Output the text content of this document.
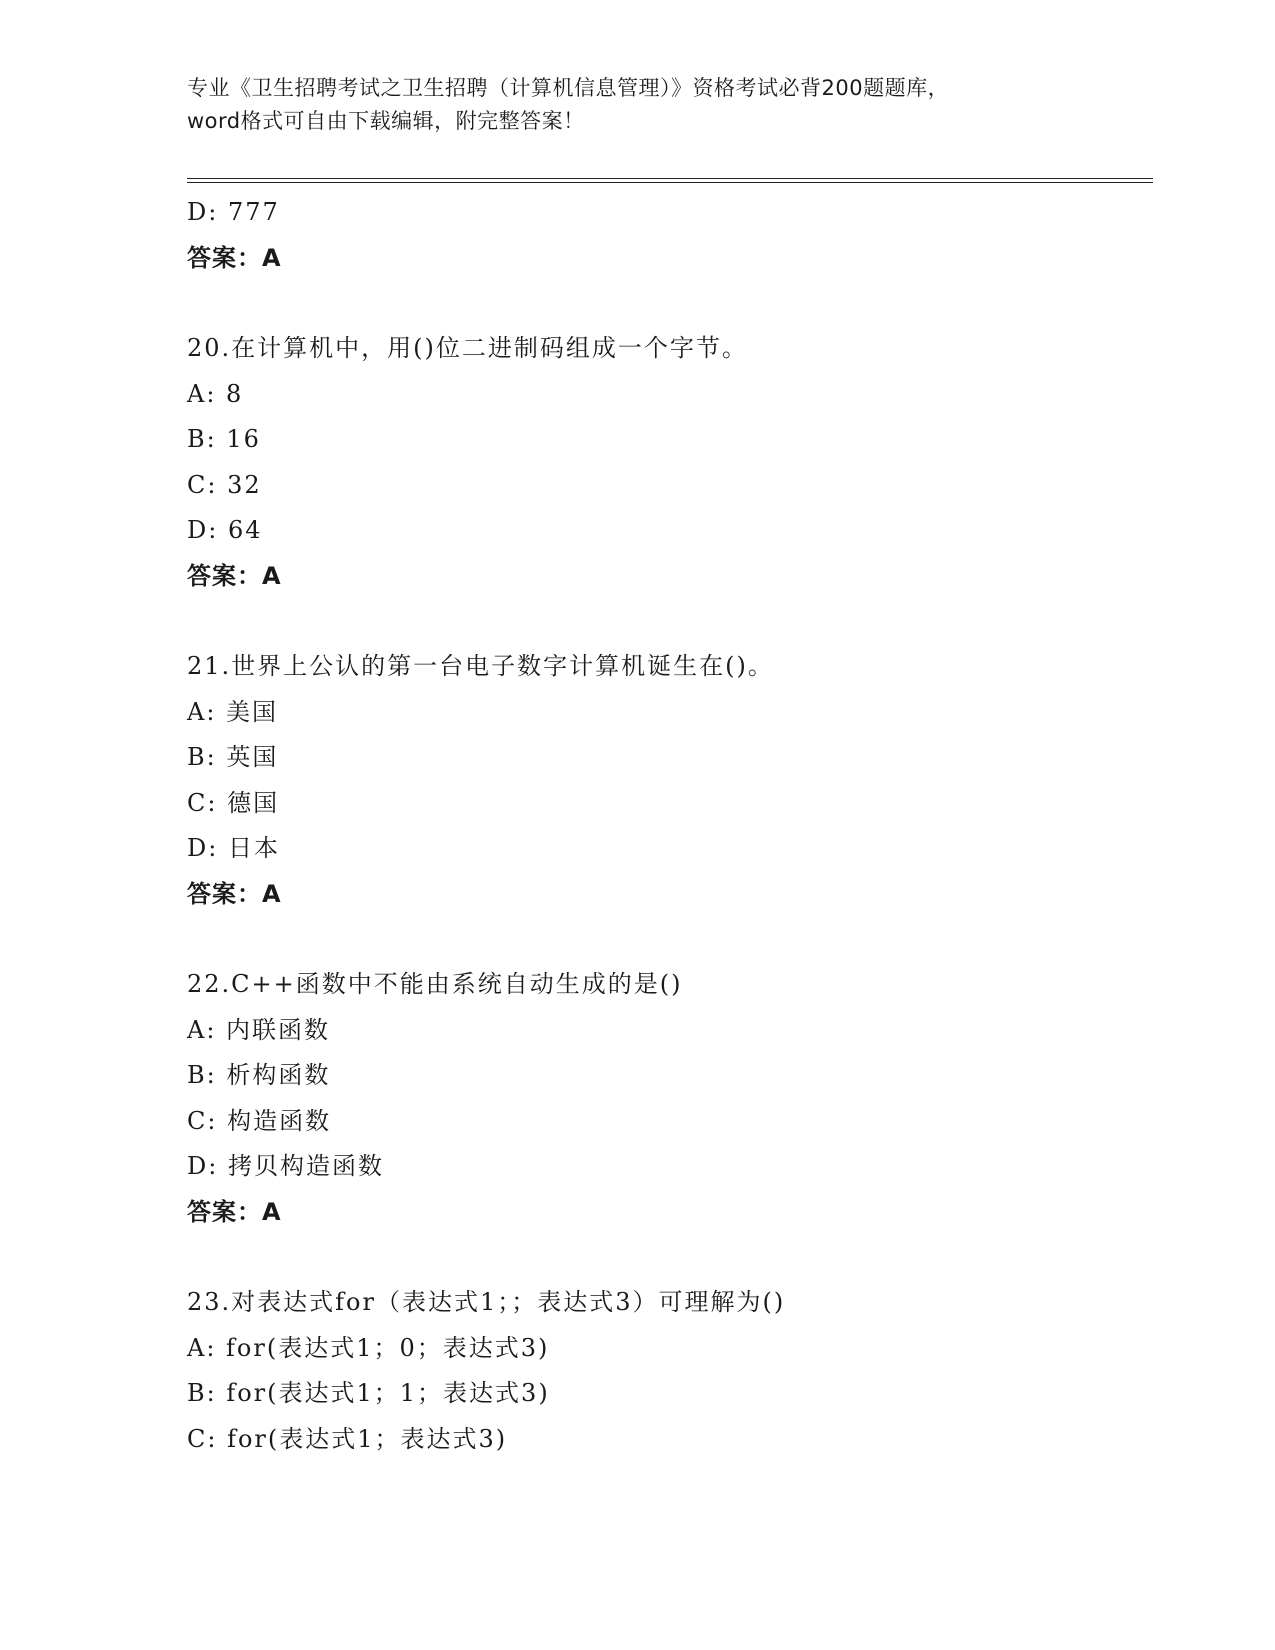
专业《卫生招聘考试之卫生招聘（计算机信息管理）》资格考试必背200题题库，
word格式可自由下载编辑，附完整答案！
D: 777
答案：A
20.在计算机中，用()位二进制码组成一个字节。
A: 8
B: 16
C: 32
D: 64
答案：A
21.世界上公认的第一台电子数字计算机诞生在()。
A: 美国
B: 英国
C: 德国
D: 日本
答案：A
22.C++函数中不能由系统自动生成的是()
A: 内联函数
B: 析构函数
C: 构造函数
D: 拷贝构造函数
答案：A
23.对表达式for（表达式1；；表达式3）可理解为()
A: for(表达式1；0；表达式3)
B: for(表达式1；1；表达式3)
C: for(表达式1；表达式3)
